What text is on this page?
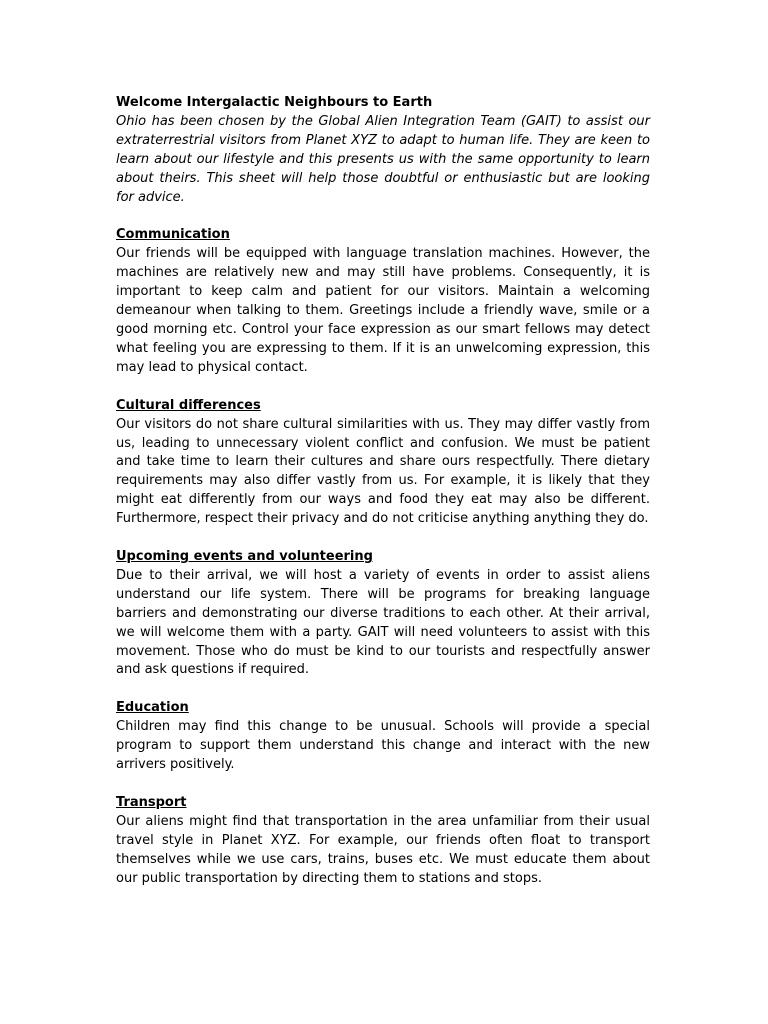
Welcome Intergalactic Neighbours to Earth

Ohio has been chosen by the Global Alien Integration Team (GAIT) to assist our extraterrestrial visitors from Planet XYZ to adapt to human life. They are keen to learn about our lifestyle and this presents us with the same opportunity to learn about theirs. This sheet will help those doubtful or enthusiastic but are looking for advice.

Communication

Our friends will be equipped with language translation machines. However, the machines are relatively new and may still have problems. Consequently, it is important to keep calm and patient for our visitors. Maintain a welcoming demeanour when talking to them. Greetings include a friendly wave, smile or a good morning etc. Control your face expression as our smart fellows may detect what feeling you are expressing to them. If it is an unwelcoming expression, this may lead to physical contact.

Cultural differences

Our visitors do not share cultural similarities with us. They may differ vastly from us, leading to unnecessary violent conflict and confusion. We must be patient and take time to learn their cultures and share ours respectfully. There dietary requirements may also differ vastly from us. For example, it is likely that they might eat differently from our ways and food they eat may also be different. Furthermore, respect their privacy and do not criticise anything anything they do.

Upcoming events and volunteering

Due to their arrival, we will host a variety of events in order to assist aliens understand our life system. There will be programs for breaking language barriers and demonstrating our diverse traditions to each other. At their arrival, we will welcome them with a party. GAIT will need volunteers to assist with this movement. Those who do must be kind to our tourists and respectfully answer and ask questions if required.

Education

Children may find this change to be unusual. Schools will provide a special program to support them understand this change and interact with the new arrivers positively.

Transport

Our aliens might find that transportation in the area unfamiliar from their usual travel style in Planet XYZ. For example, our friends often float to transport themselves while we use cars, trains, buses etc. We must educate them about our public transportation by directing them to stations and stops.
